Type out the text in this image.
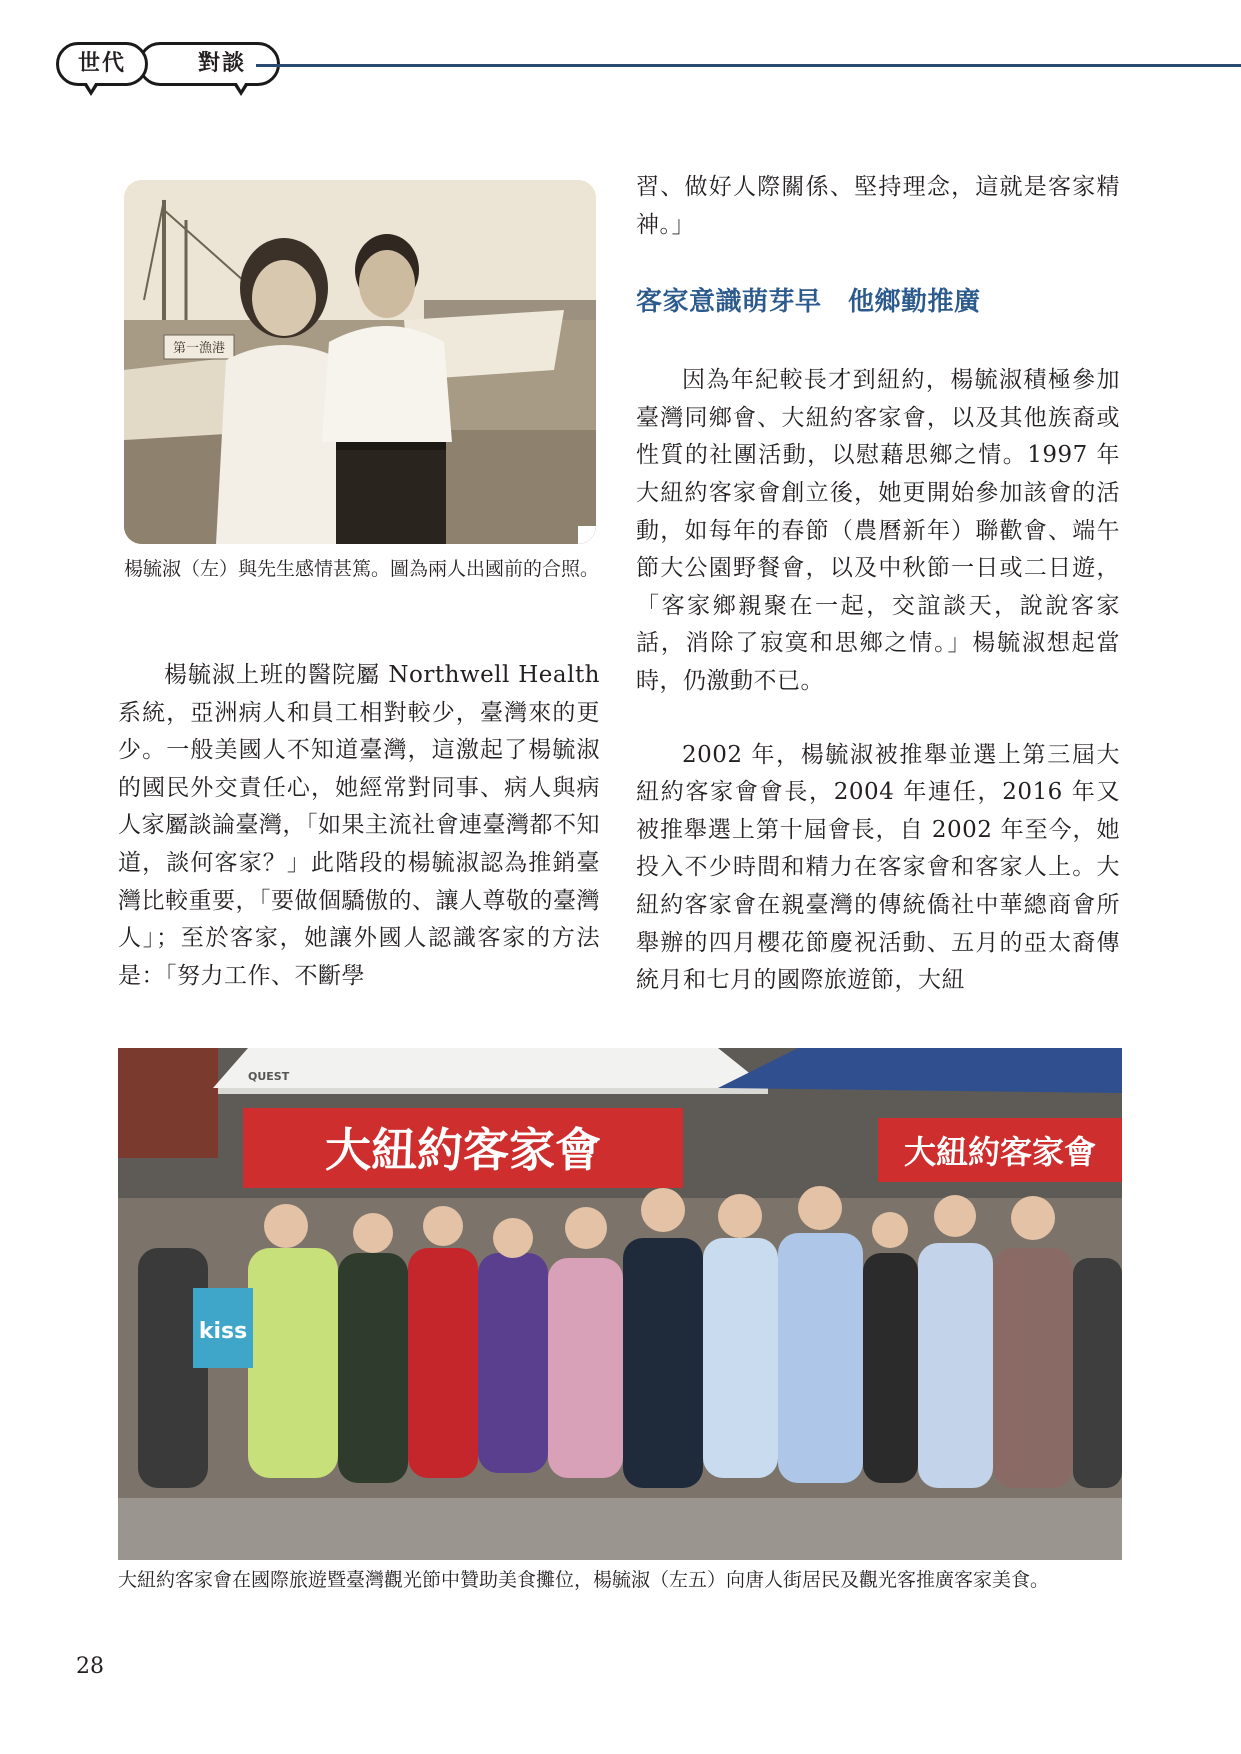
對談
世代
第一漁港
楊毓淑（左）與先生感情甚篤。圖為兩人出國前的合照。

楊毓淑上班的醫院屬 Northwell Health 系統，亞洲病人和員工相對較少，臺灣來的更少。一般美國人不知道臺灣，這激起了楊毓淑的國民外交責任心，她經常對同事、病人與病人家屬談論臺灣，「如果主流社會連臺灣都不知道，談何客家？」此階段的楊毓淑認為推銷臺灣比較重要，「要做個驕傲的、讓人尊敬的臺灣人」；至於客家，她讓外國人認識客家的方法是：「努力工作、不斷學

習、做好人際關係、堅持理念，這就是客家精神。」

客家意識萌芽早　他鄉勤推廣

因為年紀較長才到紐約，楊毓淑積極參加臺灣同鄉會、大紐約客家會，以及其他族裔或性質的社團活動，以慰藉思鄉之情。1997 年大紐約客家會創立後，她更開始參加該會的活動，如每年的春節（農曆新年）聯歡會、端午節大公園野餐會，以及中秋節一日或二日遊，「客家鄉親聚在一起，交誼談天，說說客家話，消除了寂寞和思鄉之情。」楊毓淑想起當時，仍激動不已。

2002 年，楊毓淑被推舉並選上第三屆大紐約客家會會長，2004 年連任，2016 年又被推舉選上第十屆會長，自 2002 年至今，她投入不少時間和精力在客家會和客家人上。大紐約客家會在親臺灣的傳統僑社中華總商會所舉辦的四月櫻花節慶祝活動、五月的亞太裔傳統月和七月的國際旅遊節，大紐

QUEST
大紐約客家會	大紐約客家會
kiss
大紐約客家會在國際旅遊暨臺灣觀光節中贊助美食攤位，楊毓淑（左五）向唐人街居民及觀光客推廣客家美食。
28
